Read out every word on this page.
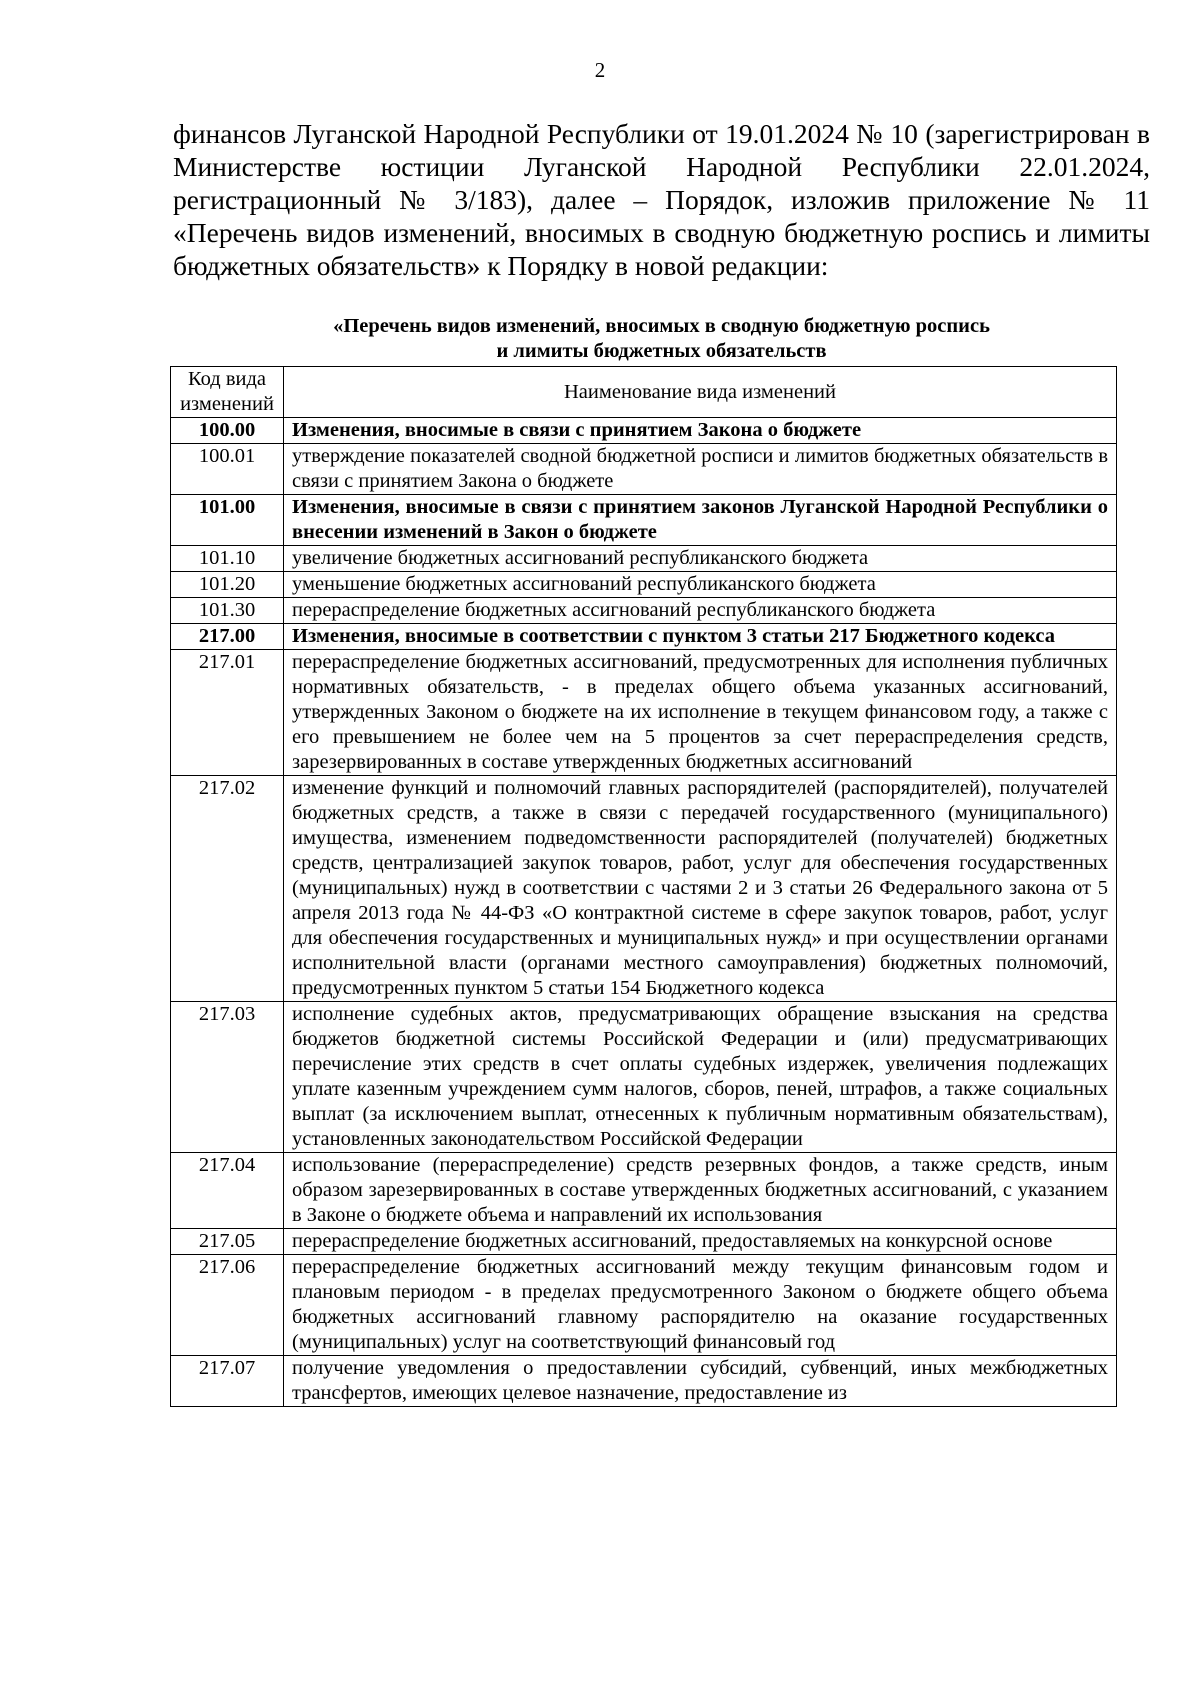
2

финансов Луганской Народной Республики от 19.01.2024 № 10 (зарегистрирован в Министерстве юстиции Луганской Народной Республики 22.01.2024, регистрационный № 3/183), далее – Порядок, изложив приложение № 11 «Перечень видов изменений, вносимых в сводную бюджетную роспись и лимиты бюджетных обязательств» к Порядку в новой редакции:

«Перечень видов изменений, вносимых в сводную бюджетную роспись
и лимиты бюджетных обязательств
Код вида изменений	Наименование вида изменений
100.00	Изменения, вносимые в связи с принятием Закона о бюджете
100.01	утверждение показателей сводной бюджетной росписи и лимитов бюджетных обязательств в связи с принятием Закона о бюджете
101.00	Изменения, вносимые в связи с принятием законов Луганской Народной Республики о внесении изменений в Закон о бюджете
101.10	увеличение бюджетных ассигнований республиканского бюджета
101.20	уменьшение бюджетных ассигнований республиканского бюджета
101.30	перераспределение бюджетных ассигнований республиканского бюджета
217.00	Изменения, вносимые в соответствии с пунктом 3 статьи 217 Бюджетного кодекса
217.01	перераспределение бюджетных ассигнований, предусмотренных для исполнения публичных нормативных обязательств, - в пределах общего объема указанных ассигнований, утвержденных Законом о бюджете на их исполнение в текущем финансовом году, а также с его превышением не более чем на 5 процентов за счет перераспределения средств, зарезервированных в составе утвержденных бюджетных ассигнований
217.02	изменение функций и полномочий главных распорядителей (распорядителей), получателей бюджетных средств, а также в связи с передачей государственного (муниципального) имущества, изменением подведомственности распорядителей (получателей) бюджетных средств, централизацией закупок товаров, работ, услуг для обеспечения государственных (муниципальных) нужд в соответствии с частями 2 и 3 статьи 26 Федерального закона от 5 апреля 2013 года № 44-ФЗ «О контрактной системе в сфере закупок товаров, работ, услуг для обеспечения государственных и муниципальных нужд» и при осуществлении органами исполнительной власти (органами местного самоуправления) бюджетных полномочий, предусмотренных пунктом 5 статьи 154 Бюджетного кодекса
217.03	исполнение судебных актов, предусматривающих обращение взыскания на средства бюджетов бюджетной системы Российской Федерации и (или) предусматривающих перечисление этих средств в счет оплаты судебных издержек, увеличения подлежащих уплате казенным учреждением сумм налогов, сборов, пеней, штрафов, а также социальных выплат (за исключением выплат, отнесенных к публичным нормативным обязательствам), установленных законодательством Российской Федерации
217.04	использование (перераспределение) средств резервных фондов, а также средств, иным образом зарезервированных в составе утвержденных бюджетных ассигнований, с указанием в Законе о бюджете объема и направлений их использования
217.05	перераспределение бюджетных ассигнований, предоставляемых на конкурсной основе
217.06	перераспределение бюджетных ассигнований между текущим финансовым годом и плановым периодом - в пределах предусмотренного Законом о бюджете общего объема бюджетных ассигнований главному распорядителю на оказание государственных (муниципальных) услуг на соответствующий финансовый год
217.07	получение уведомления о предоставлении субсидий, субвенций, иных межбюджетных трансфертов, имеющих целевое назначение, предоставление из
